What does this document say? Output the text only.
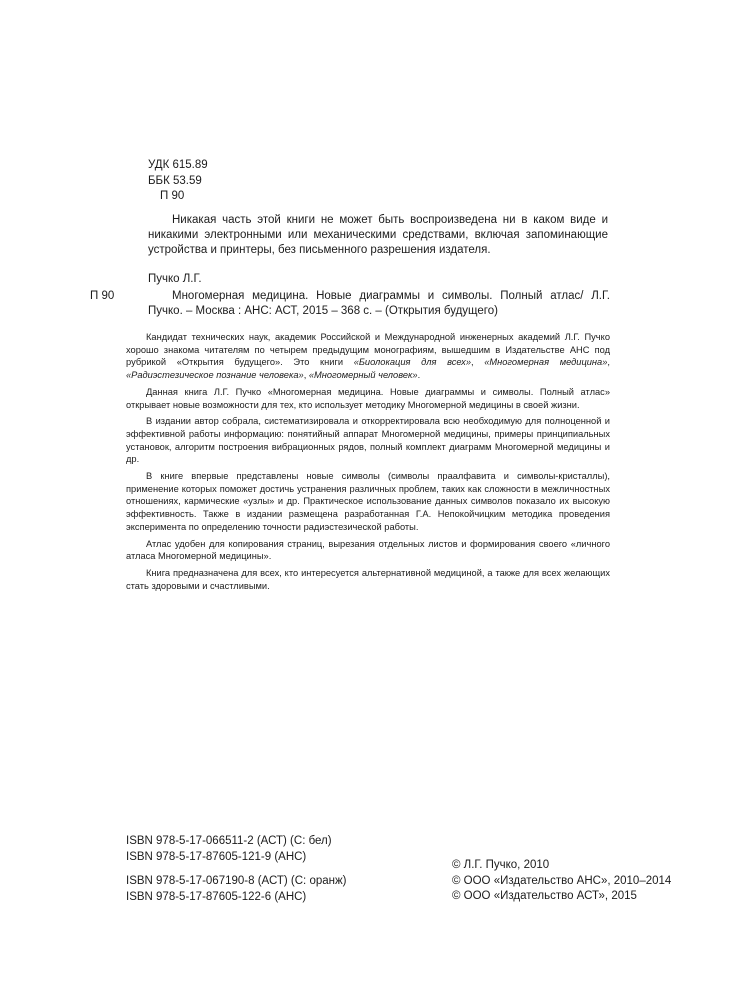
УДК 615.89
ББК 53.59
П 90

Никакая часть этой книги не может быть воспроизведена ни в каком виде и никакими электронными или механическими средствами, включая запоминающие устройства и принтеры, без письменного разрешения издателя.

Пучко Л.Г.
П 90	Многомерная медицина. Новые диаграммы и символы. Полный атлас/ Л.Г. Пучко. – Москва : АНС: АСТ, 2015 – 368 с. – (Открытия будущего)

Кандидат технических наук, академик Российской и Международной инженерных академий Л.Г. Пучко хорошо знакома читателям по четырем предыдущим монографиям, вышедшим в Издательстве АНС под рубрикой «Открытия будущего». Это книги «Биолокация для всех», «Многомерная медицина», «Радиэстезическое познание человека», «Многомерный человек».

Данная книга Л.Г. Пучко «Многомерная медицина. Новые диаграммы и символы. Полный атлас» открывает новые возможности для тех, кто использует методику Многомерной медицины в своей жизни.

В издании автор собрала, систематизировала и откорректировала всю необходимую для полноценной и эффективной работы информацию: понятийный аппарат Многомерной медицины, примеры принципиальных установок, алгоритм построения вибрационных рядов, полный комплект диаграмм Многомерной медицины и др.

В книге впервые представлены новые символы (символы праалфавита и символы-кристаллы), применение которых поможет достичь устранения различных проблем, таких как сложности в межличностных отношениях, кармические «узлы» и др. Практическое использование данных символов показало их высокую эффективность. Также в издании размещена разработанная Г.А. Непокойчицким методика проведения эксперимента по определению точности радиэстезической работы.

Атлас удобен для копирования страниц, вырезания отдельных листов и формирования своего «личного атласа Многомерной медицины».

Книга предназначена для всех, кто интересуется альтернативной медициной, а также для всех желающих стать здоровыми и счастливыми.

ISBN 978-5-17-066511-2 (АСТ) (С: бел)
ISBN 978-5-17-87605-121-9 (АНС)
ISBN 978-5-17-067190-8 (АСТ) (С: оранж)
ISBN 978-5-17-87605-122-6 (АНС)
© Л.Г. Пучко, 2010
© ООО «Издательство АНС», 2010–2014
© ООО «Издательство АСТ», 2015
